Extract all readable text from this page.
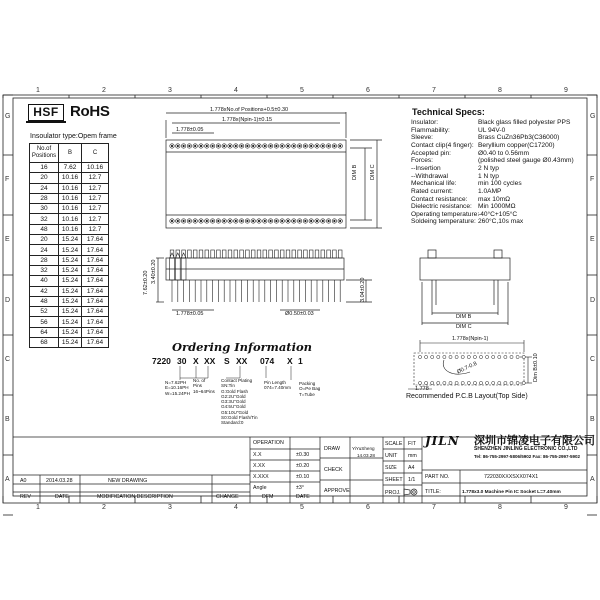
1	2	3	4	5	6	7	8	9
1	2	3	4	5	6	7	8	9
G
F
E
D
C
B
A
G
F
E
D
C
B
A
HSF RoHS
Insoulator type:Opem frame
No.of
Positions	B	C
16	7.62	10.16
20	10.16	12.7
24	10.16	12.7
28	10.16	12.7
30	10.16	12.7
32	10.16	12.7
48	10.16	12.7
20	15.24	17.64
24	15.24	17.64
28	15.24	17.64
32	15.24	17.64
40	15.24	17.64
42	15.24	17.64
48	15.24	17.64
52	15.24	17.64
56	15.24	17.64
64	15.24	17.64
68	15.24	17.64
Technical Specs:
Insulator:	Black glass filled polyester PPS
Flammability:	UL 94V-0
Sleeve:	Brass CuZn36Pb3(C36000)
Contact clip(4 finger): Beryllium copper(C17200)
Accepted pin:	Ø0.40 to 0.56mm
Forces:	(polished steel gauge Ø0.43mm)
--Insertion	2 N typ
--Withdrawal	1 N typ
Mechanical life:	min 100 cycles
Rated current:	1.0AMP
Contact resistance: max 10mΩ
Dielectric resistance: Min 1000MΩ
Operating temperature:
-40°C+105°C
Soldeing temperature: 260°C,10s max
1.778xNo.of Positions+0.5±0.30
1.778x(Npin-1)±0.15
1.778±0.05
DIM B DIM C
7.62±0.20 3.40±0.20
1.778±0.05	Ø0.50±0.03
3.04±0.20
DIM B
DIM C
1.778x(Npin-1)
Ø0.7-0.8	Dim B±0.10
1.778
Recommended P.C.B Layout(Top Side)
Ordering Information
7220 30 X XX S XX 074 X 1
N=7.62PH
E=10.16PH
W=15.24PH
No. of
Pins
16~64Pins
Contact Plating
SN:Tin
G:Gold Flash
G2:2U"Gold
G3:3U"Gold
G4:5U"Gold
G5:10U"Gold
S0:Gold Flash/Tin
Standard:0
Pin Length
074=7.40mm
Packing
O=Pe Bag
T=Tube
OPERATION
X.X	±0.30
X.XX	±0.20
X.XXX	±0.10
Angle	±3°
DRAW
CHECK
APPROVE
YiYuSheng
14.03.28
SCALE FIT
UNIT mm
SIZE A4
SHEET 1/1
PROJ.
JILN 深圳市锦凌电子有限公司
SHENZHEN JINLING ELECTRONIC CO.,LTD
Tel: 86-755-2997-5806/5902 Fax: 86-755-2997-5902
PART NO.	722030XXXSXX074X1
TITLE:	1.778x3.0 Machine Pin IC Socket L=7.40mm
A0	2014.03.28	NEW DRAWING
REV	DATE	MODIFICATION DESCRIPTION	CHANGE	DFM	DATE
